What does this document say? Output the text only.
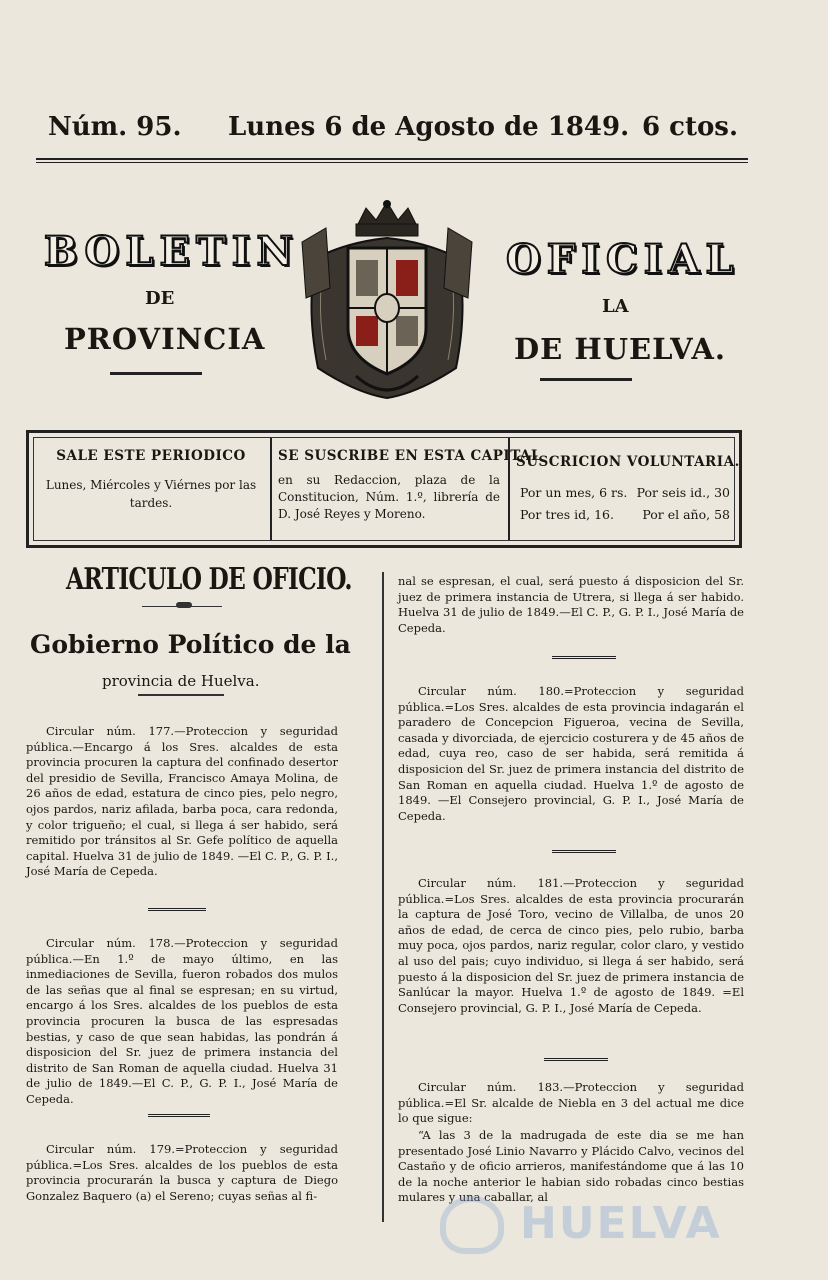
Núm. 95. Lunes 6 de Agosto de 1849. 6 ctos.
BOLETIN	OFICIAL
DE	LA
PROVINCIA	DE HUELVA.
SALE ESTE PERIODICO
Lunes, Miércoles y Viérnes por las tardes.
SE SUSCRIBE EN ESTA CAPITAL
en su Redaccion, plaza de la Constitucion, Núm. 1.º, librería de D. José Reyes y Moreno.
SUSCRICION VOLUNTARIA.
Por un mes, 6 rs. Por seis id., 30
Por tres id, 16. Por el año, 58
ARTICULO DE OFICIO.
Gobierno Político de la
provincia de Huelva.
Circular núm. 177.—Proteccion y seguridad pública.—Encargo á los Sres. alcaldes de esta provincia procuren la captura del confinado desertor del presidio de Sevilla, Francisco Amaya Molina, de 26 años de edad, estatura de cinco pies, pelo negro, ojos pardos, nariz afilada, barba poca, cara redonda, y color trigueño; el cual, si llega á ser habido, será remitido por tránsitos al Sr. Gefe político de aquella capital. Huelva 31 de julio de 1849. —El C. P., G. P. I., José María de Cepeda.
Circular núm. 178.—Proteccion y seguridad pública.—En 1.º de mayo último, en las inmediaciones de Sevilla, fueron robados dos mulos de las señas que al final se espresan; en su virtud, encargo á los Sres. alcaldes de los pueblos de esta provincia procuren la busca de las espresadas bestias, y caso de que sean habidas, las pondrán á disposicion del Sr. juez de primera instancia del distrito de San Roman de aquella ciudad. Huelva 31 de julio de 1849.—El C. P., G. P. I., José María de Cepeda.
Circular núm. 179.=Proteccion y seguridad pública.=Los Sres. alcaldes de los pueblos de esta provincia procurarán la busca y captura de Diego Gonzalez Baquero (a) el Sereno; cuyas señas al fi-
nal se espresan, el cual, será puesto á disposicion del Sr. juez de primera instancia de Utrera, si llega á ser habido. Huelva 31 de julio de 1849.—El C. P., G. P. I., José María de Cepeda.
Circular núm. 180.=Proteccion y seguridad pública.=Los Sres. alcaldes de esta provincia indagarán el paradero de Concepcion Figueroa, vecina de Sevilla, casada y divorciada, de ejercicio costurera y de 45 años de edad, cuya reo, caso de ser habida, será remitida á disposicion del Sr. juez de primera instancia del distrito de San Roman en aquella ciudad. Huelva 1.º de agosto de 1849. —El Consejero provincial, G. P. I., José María de Cepeda.
Circular núm. 181.—Proteccion y seguridad pública.=Los Sres. alcaldes de esta provincia procurarán la captura de José Toro, vecino de Villalba, de unos 20 años de edad, de cerca de cinco pies, pelo rubio, barba muy poca, ojos pardos, nariz regular, color claro, y vestido al uso del pais; cuyo individuo, si llega á ser habido, será puesto á la disposicion del Sr. juez de primera instancia de Sanlúcar la mayor. Huelva 1.º de agosto de 1849. =El Consejero provincial, G. P. I., José María de Cepeda.
Circular núm. 183.—Proteccion y seguridad pública.=El Sr. alcalde de Niebla en 3 del actual me dice lo que sigue:
“A las 3 de la madrugada de este dia se me han presentado José Linio Navarro y Plácido Calvo, vecinos del Castaño y de oficio arrieros, manifestándome que á las 10 de la noche anterior le habian sido robadas cinco bestias mulares y una caballar, al
HUELVA
